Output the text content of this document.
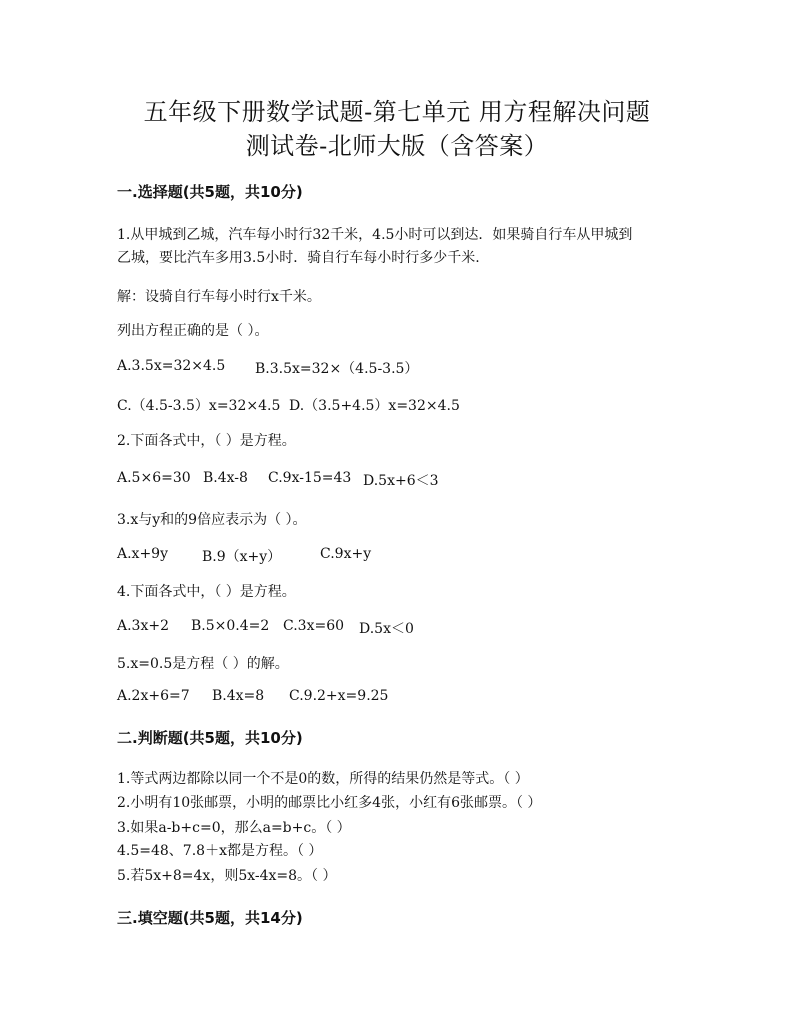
五年级下册数学试题-第七单元 用方程解决问题
测试卷-北师大版（含答案）
一.选择题(共5题，共10分)
1.从甲城到乙城，汽车每小时行32千米，4.5小时可以到达．如果骑自行车从甲城到
乙城，要比汽车多用3.5小时．骑自行车每小时行多少千米.
解：设骑自行车每小时行x千米。
列出方程正确的是（ ）。
A.3.5x=32×4.5 B.3.5x=32×（4.5-3.5）
C.（4.5-3.5）x=32×4.5 D.（3.5+4.5）x=32×4.5
2.下面各式中，（ ）是方程。
A.5×6=30 B.4x-8 C.9x-15=43 D.5x+6＜3
3.x与y和的9倍应表示为（ ）。
A.x+9y B.9（x+y）	C.9x+y
4.下面各式中，（ ）是方程。
A.3x+2 B.5×0.4=2 C.3x=60 D.5x＜0
5.x=0.5是方程（ ）的解。
A.2x+6=7 B.4x=8 C.9.2+x=9.25
二.判断题(共5题，共10分)
1.等式两边都除以同一个不是0的数，所得的结果仍然是等式。（ ）
2.小明有10张邮票，小明的邮票比小红多4张，小红有6张邮票。（ ）
3.如果a-b+c=0，那么a=b+c。（ ）
4.5=48、7.8＋x都是方程。（ ）
5.若5x+8=4x，则5x-4x=8。（ ）
三.填空题(共5题，共14分)
